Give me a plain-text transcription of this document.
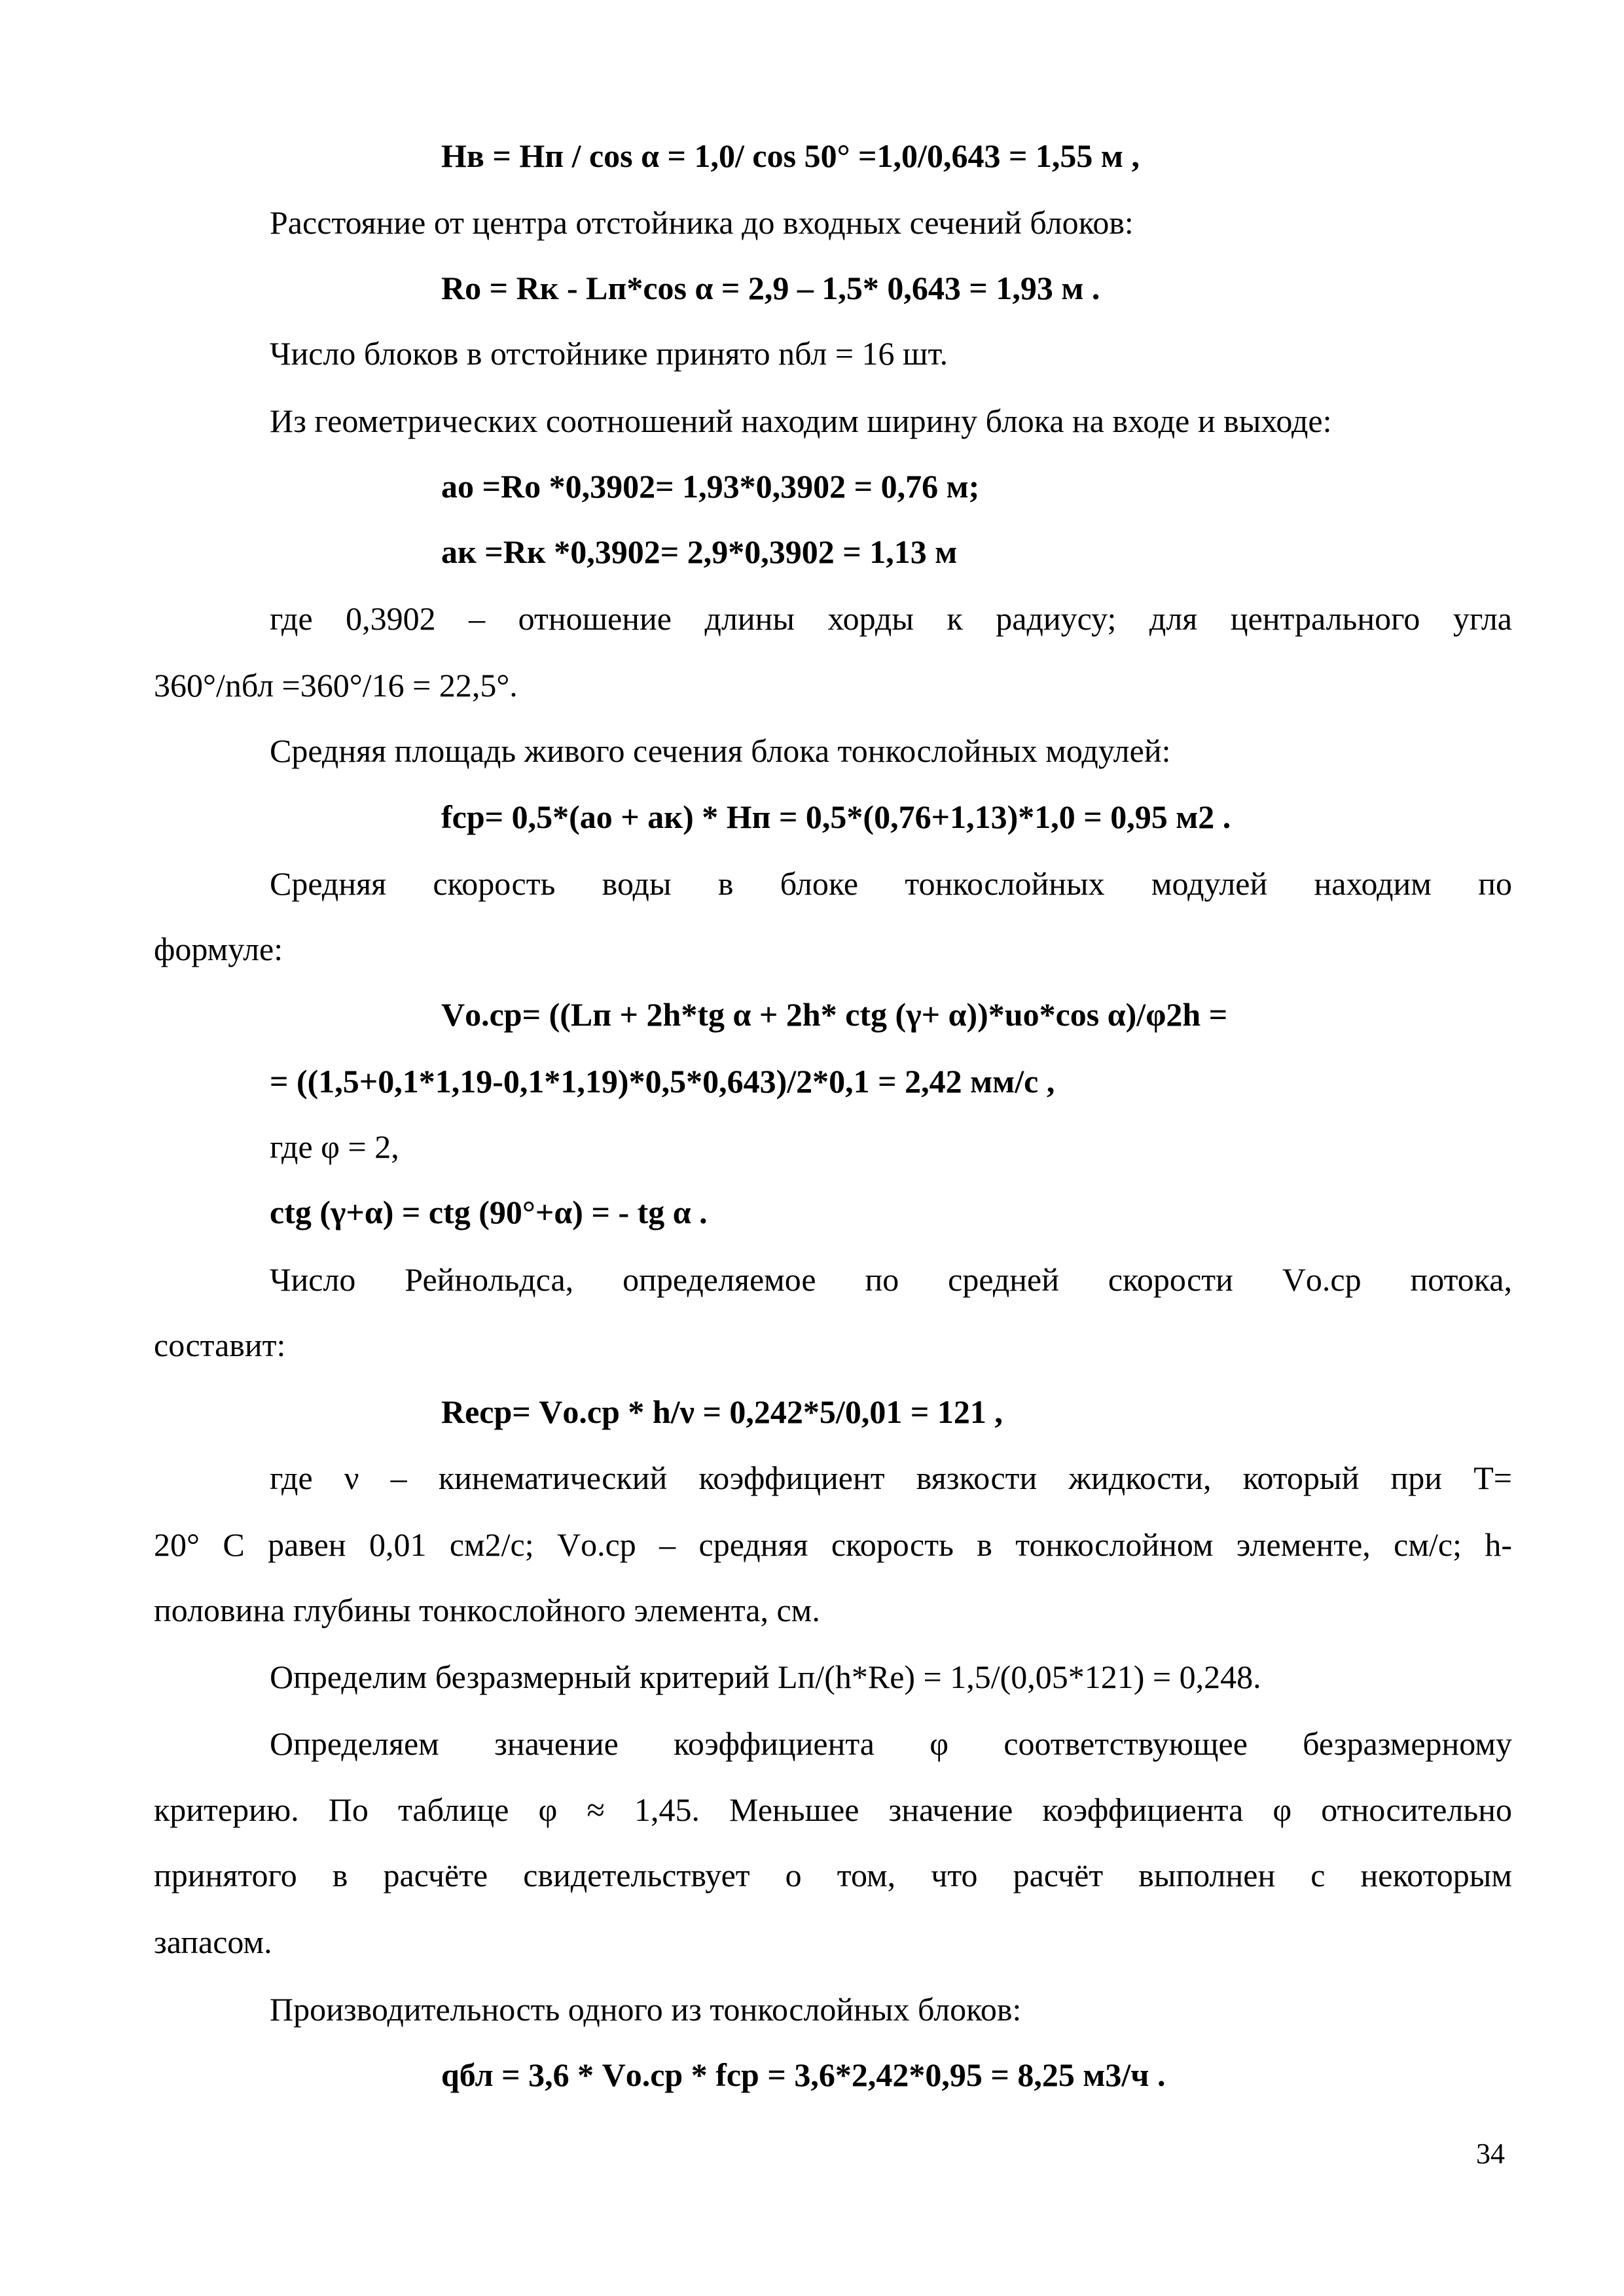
Hв = Hп / cos α = 1,0/ cos 50° =1,0/0,643 = 1,55 м ,
Расстояние от центра отстойника до входных сечений блоков:
Rо = Rк - Lп*cos α = 2,9 – 1,5* 0,643 = 1,93 м .
Число блоков в отстойнике принято nбл = 16 шт.
Из геометрических соотношений находим ширину блока на входе и выходе:
ао =Rо *0,3902= 1,93*0,3902 = 0,76 м;
ак =Rк *0,3902= 2,9*0,3902 = 1,13 м
где 0,3902 – отношение длины хорды к радиусу; для центрального угла
360°/nбл =360°/16 = 22,5°.
Средняя площадь живого сечения блока тонкослойных модулей:
fср= 0,5*(ао + ак) * Hп = 0,5*(0,76+1,13)*1,0 = 0,95 м2 .
Средняя скорость воды в блоке тонкослойных модулей находим по
формуле:
Vо.ср= ((Lп + 2h*tg α + 2h* ctg (γ+ α))*uо*cos α)/φ2h =
= ((1,5+0,1*1,19-0,1*1,19)*0,5*0,643)/2*0,1 = 2,42 мм/с ,
где φ = 2,
ctg (γ+α) = ctg (90°+α) = - tg α .
Число Рейнольдса, определяемое по средней скорости Vо.ср потока,
составит:
Reср= Vо.ср * h/ν = 0,242*5/0,01 = 121 ,
где ν – кинематический коэффициент вязкости жидкости, который при T=
20° С равен 0,01 см2/с; Vо.ср – средняя скорость в тонкослойном элементе, см/с; h-
половина глубины тонкослойного элемента, см.
Определим безразмерный критерий Lп/(h*Re) = 1,5/(0,05*121) = 0,248.
Определяем значение коэффициента φ соответствующее безразмерному
критерию. По таблице φ ≈ 1,45. Меньшее значение коэффициента φ относительно
принятого в расчёте свидетельствует о том, что расчёт выполнен с некоторым
запасом.
Производительность одного из тонкослойных блоков:
qбл = 3,6 * Vо.ср * fср = 3,6*2,42*0,95 = 8,25 м3/ч .
34
